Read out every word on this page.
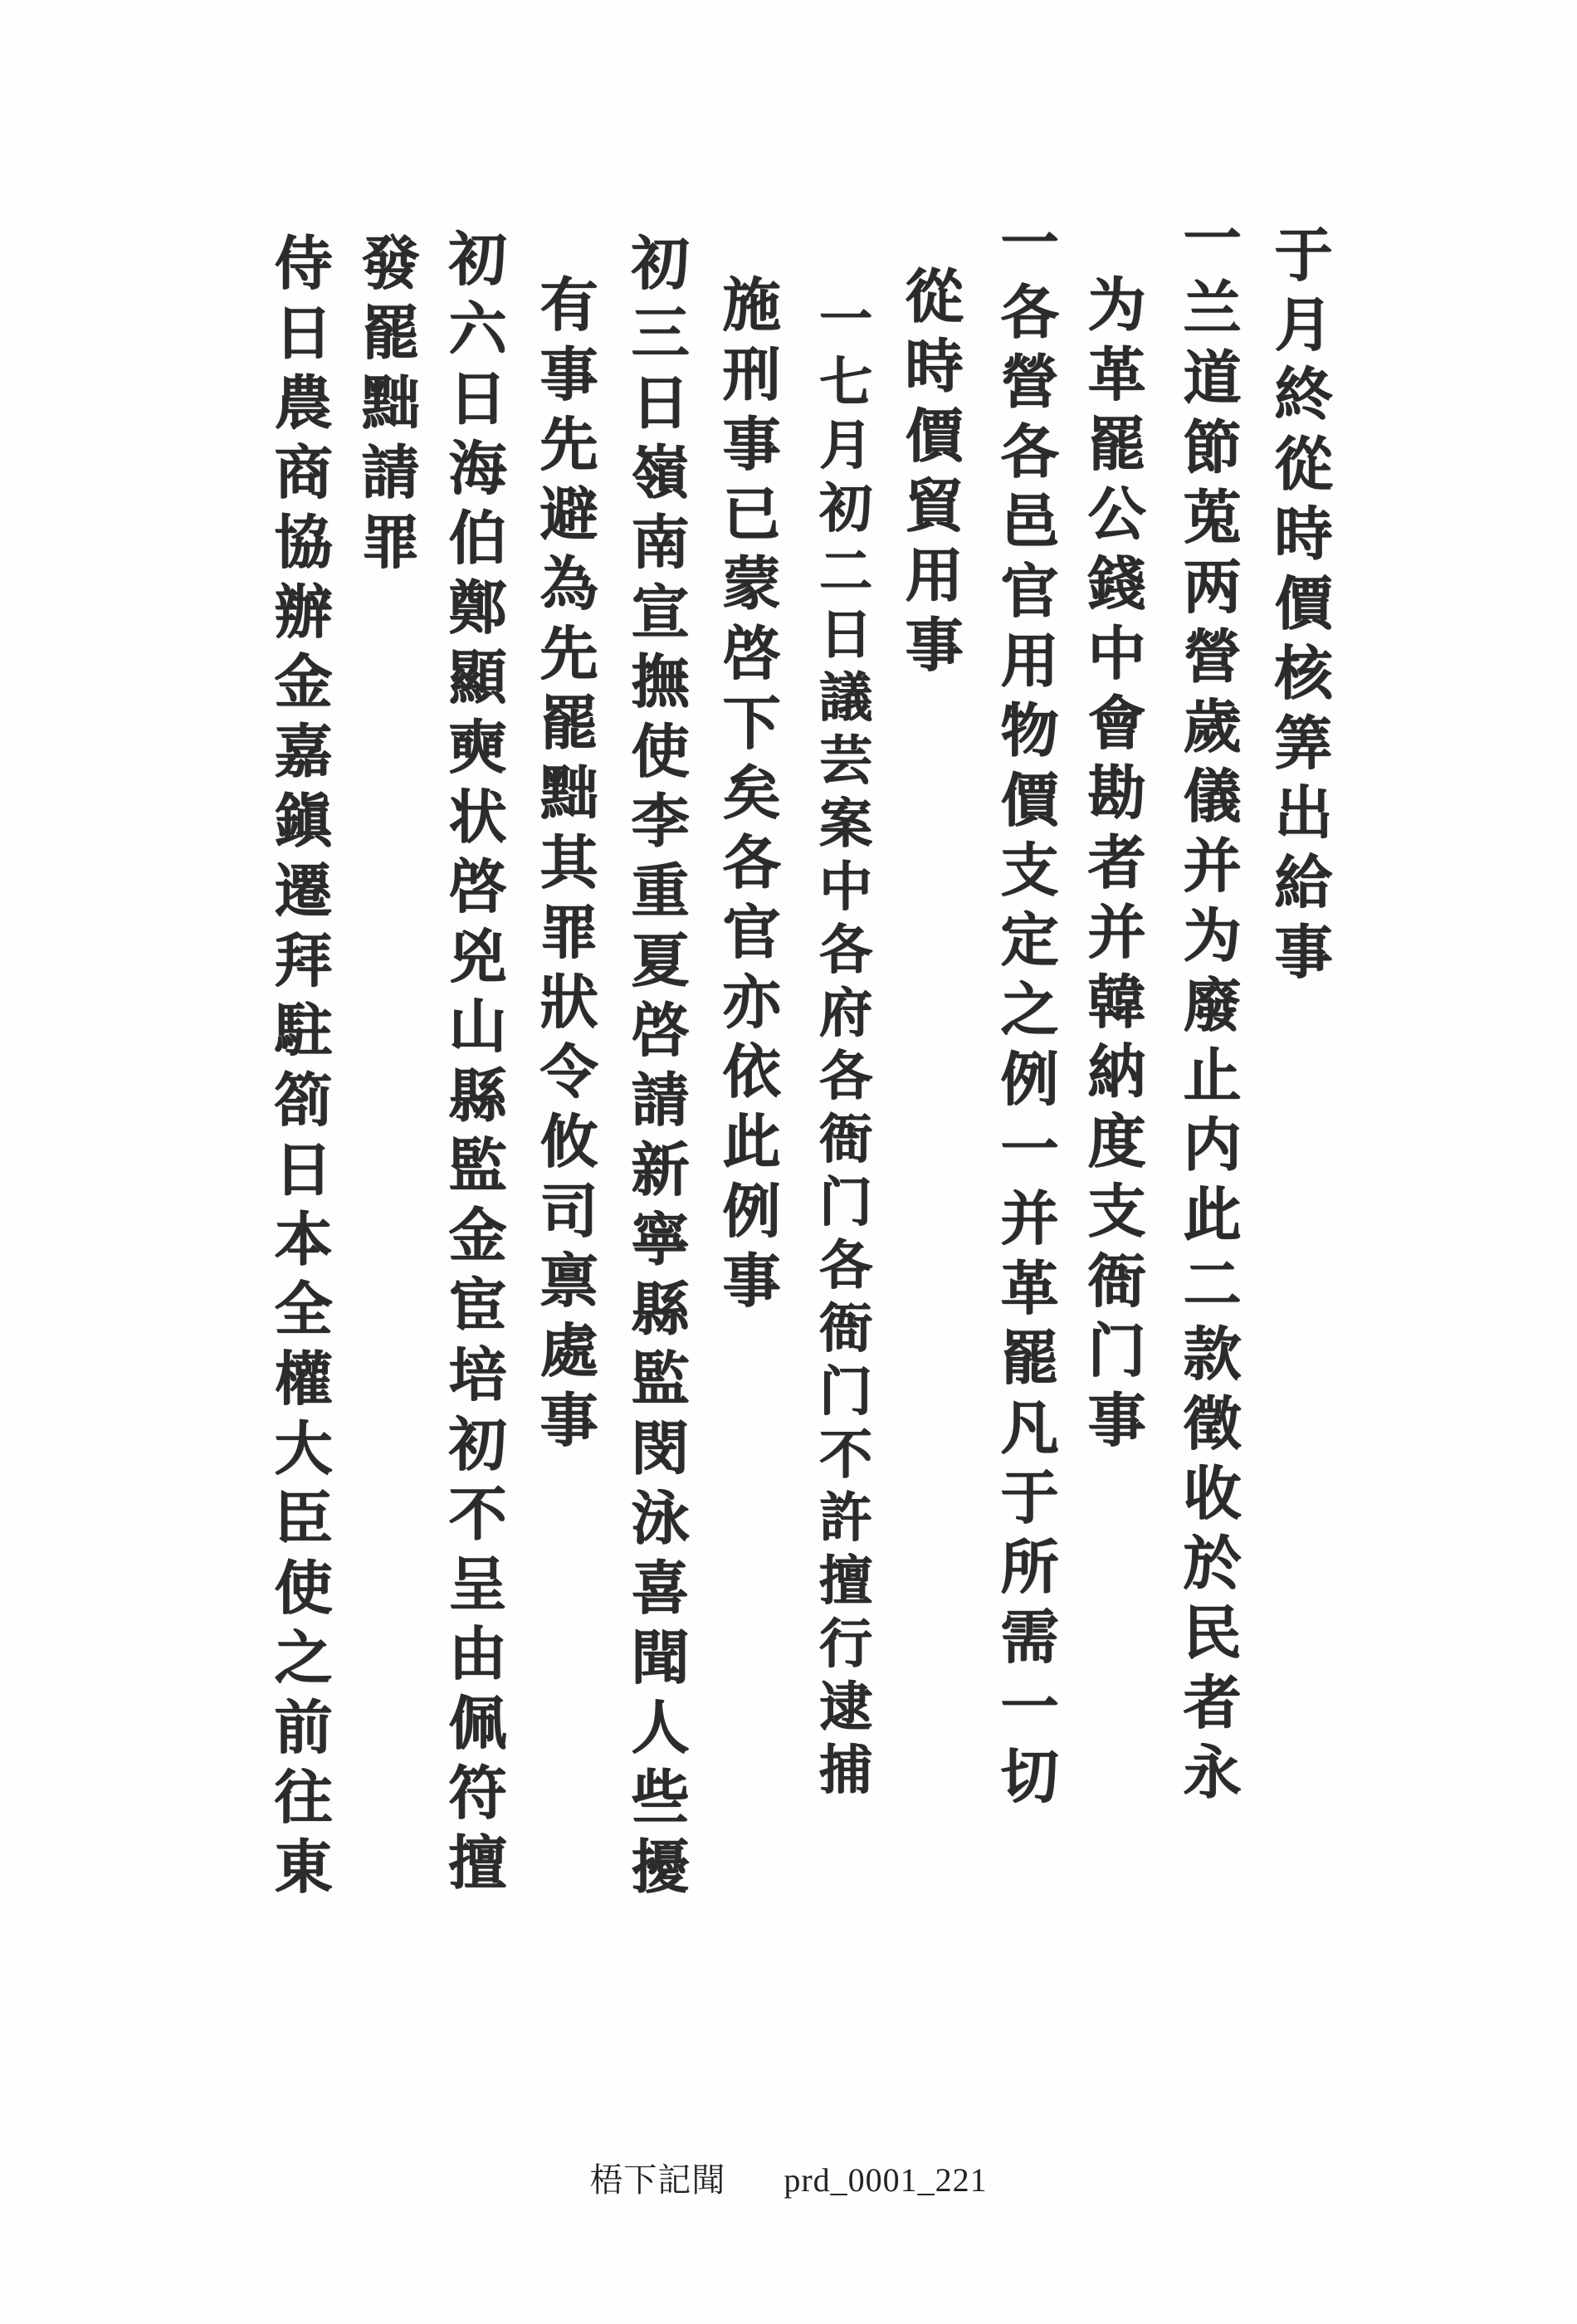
于月終從時價核筭出給事
一兰道節莵两營歲儀并为廢止内此二款徵收於民者永
为革罷公錢中會勘者并韓納度支衙门事
一各營各邑官用物價支定之例一并革罷凡于所需一切
從時價貿用事
一七月初二日議芸案中各府各衙门各衙门不許擅行逮捕
施刑事已蒙啓下矣各官亦依此例事
初三日嶺南宣撫使李重夏啓請新寧縣監閔泳喜聞人些擾
有事先避為先罷黜其罪狀令攸司禀處事
初六日海伯鄭顯奭状啓兇山縣監金宦培初不呈由佩符擅
發罷黜請罪
侍日農商協辦金嘉鎭遷拜駐箚日本全權大臣使之前往東
梧下記聞 prd_0001_221
